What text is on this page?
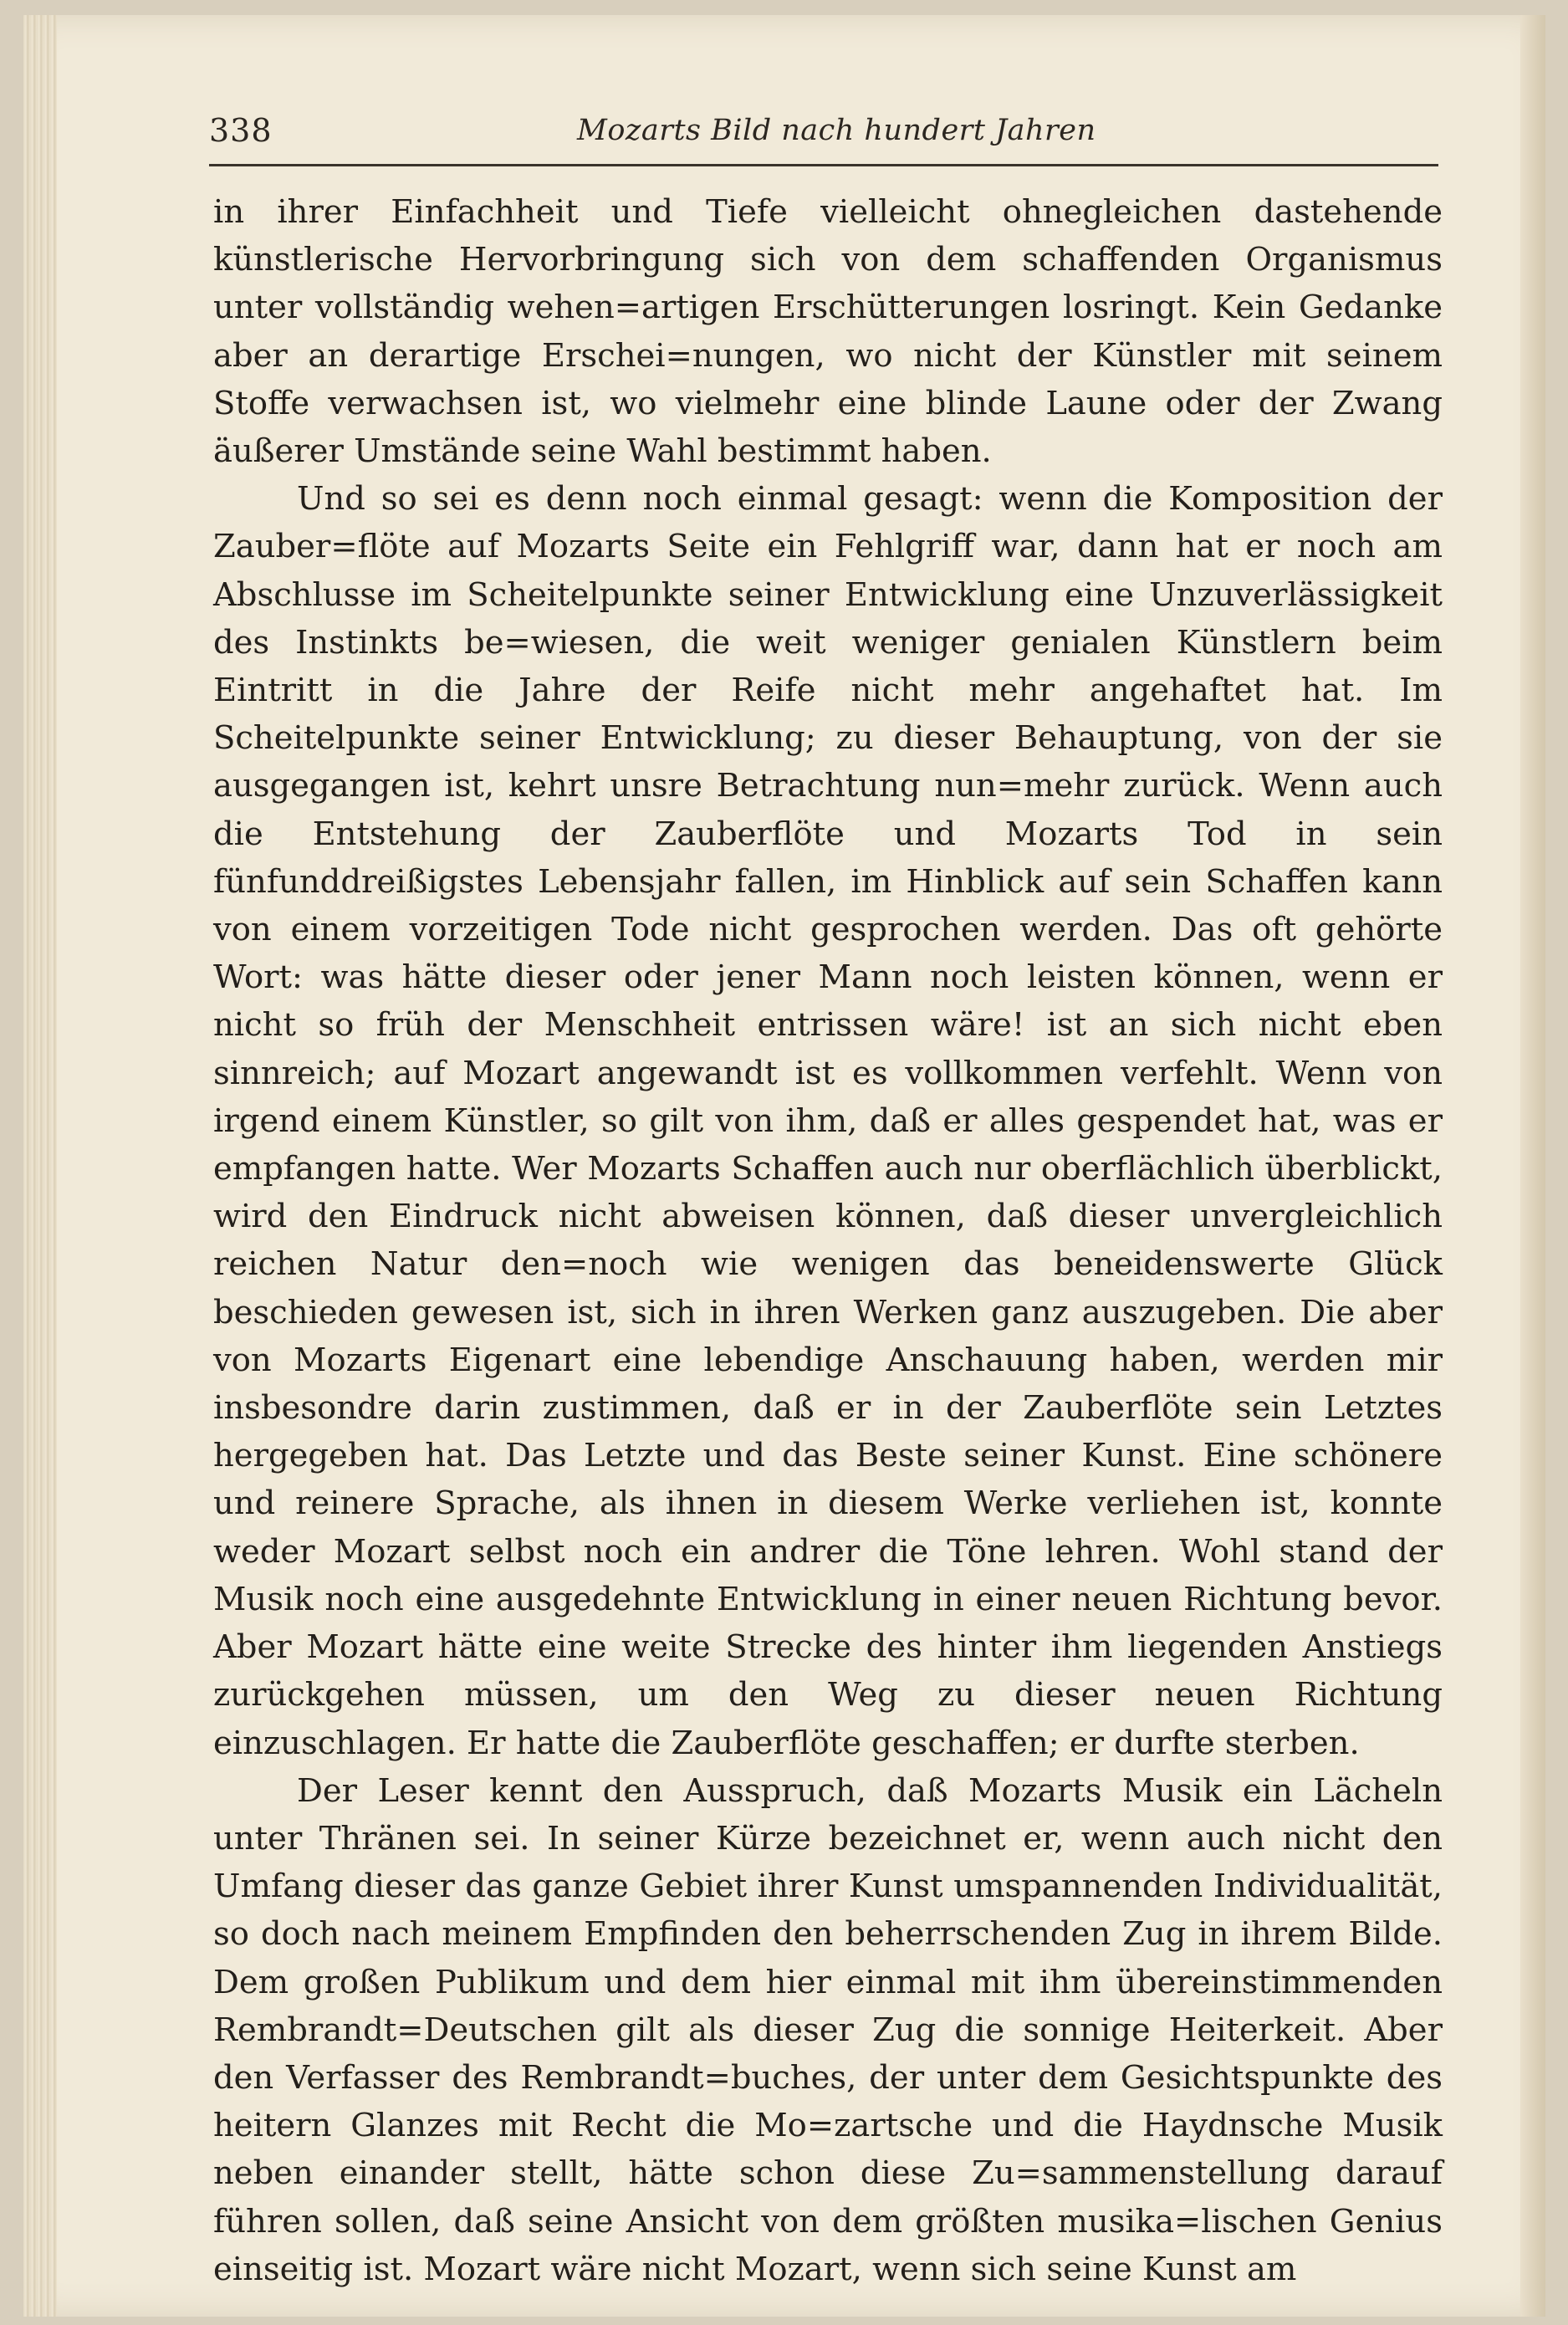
338	Mozarts Bild nach hundert Jahren

in ihrer Einfachheit und Tiefe vielleicht ohnegleichen dastehende künstlerische Hervorbringung sich von dem schaffenden Organismus unter vollständig wehen=artigen Erschütterungen losringt. Kein Gedanke aber an derartige Erschei=nungen, wo nicht der Künstler mit seinem Stoffe verwachsen ist, wo vielmehr eine blinde Laune oder der Zwang äußerer Umstände seine Wahl bestimmt haben.

Und so sei es denn noch einmal gesagt: wenn die Komposition der Zauber=flöte auf Mozarts Seite ein Fehlgriff war, dann hat er noch am Abschlusse im Scheitelpunkte seiner Entwicklung eine Unzuverlässigkeit des Instinkts be=wiesen, die weit weniger genialen Künstlern beim Eintritt in die Jahre der Reife nicht mehr angehaftet hat. Im Scheitelpunkte seiner Entwicklung; zu dieser Behauptung, von der sie ausgegangen ist, kehrt unsre Betrachtung nun=mehr zurück. Wenn auch die Entstehung der Zauberflöte und Mozarts Tod in sein fünfunddreißigstes Lebensjahr fallen, im Hinblick auf sein Schaffen kann von einem vorzeitigen Tode nicht gesprochen werden. Das oft gehörte Wort: was hätte dieser oder jener Mann noch leisten können, wenn er nicht so früh der Menschheit entrissen wäre! ist an sich nicht eben sinnreich; auf Mozart angewandt ist es vollkommen verfehlt. Wenn von irgend einem Künstler, so gilt von ihm, daß er alles gespendet hat, was er empfangen hatte. Wer Mozarts Schaffen auch nur oberflächlich überblickt, wird den Eindruck nicht abweisen können, daß dieser unvergleichlich reichen Natur den=noch wie wenigen das beneidenswerte Glück beschieden gewesen ist, sich in ihren Werken ganz auszugeben. Die aber von Mozarts Eigenart eine lebendige Anschauung haben, werden mir insbesondre darin zustimmen, daß er in der Zauberflöte sein Letztes hergegeben hat. Das Letzte und das Beste seiner Kunst. Eine schönere und reinere Sprache, als ihnen in diesem Werke verliehen ist, konnte weder Mozart selbst noch ein andrer die Töne lehren. Wohl stand der Musik noch eine ausgedehnte Entwicklung in einer neuen Richtung bevor. Aber Mozart hätte eine weite Strecke des hinter ihm liegenden Anstiegs zurückgehen müssen, um den Weg zu dieser neuen Richtung einzuschlagen. Er hatte die Zauberflöte geschaffen; er durfte sterben.

Der Leser kennt den Ausspruch, daß Mozarts Musik ein Lächeln unter Thränen sei. In seiner Kürze bezeichnet er, wenn auch nicht den Umfang dieser das ganze Gebiet ihrer Kunst umspannenden Individualität, so doch nach meinem Empfinden den beherrschenden Zug in ihrem Bilde. Dem großen Publikum und dem hier einmal mit ihm übereinstimmenden Rembrandt=Deutschen gilt als dieser Zug die sonnige Heiterkeit. Aber den Verfasser des Rembrandt=buches, der unter dem Gesichtspunkte des heitern Glanzes mit Recht die Mo=zartsche und die Haydnsche Musik neben einander stellt, hätte schon diese Zu=sammenstellung darauf führen sollen, daß seine Ansicht von dem größten musika=lischen Genius einseitig ist. Mozart wäre nicht Mozart, wenn sich seine Kunst am
